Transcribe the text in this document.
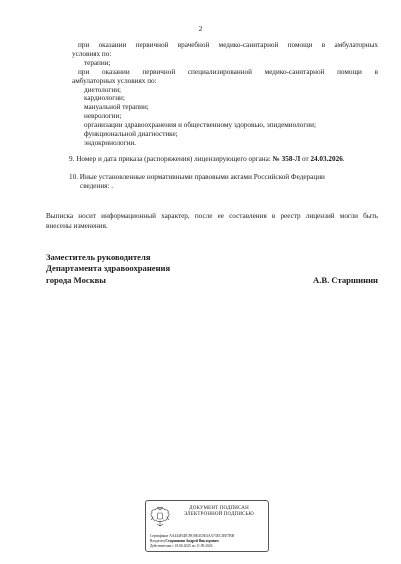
2
при оказании первичной врачебной медико-санитарной помощи в амбулаторных
условиях по:
терапии;
при оказании первичной специализированной медико-санитарной помощи в
амбулаторных условиях по:
диетологии;
кардиологии;
мануальной терапии;
неврологии;
организации здравоохранения и общественному здоровью, эпидемиологии;
функциональной диагностике;
эндокринологии.
9. Номер и дата приказа (распоряжения) лицензирующего органа: № 358-Л от 24.03.2026.
10. Иные установленные нормативными правовыми актами Российской Федерации
сведения: .
Выписка носит информационный характер, после ее составления в реестр лицензий могли быть
внесены изменения.
Заместитель руководителя
Департамента здравоохранения
города Москвы	А.В. Старшинин
ДОКУМЕНТ ПОДПИСАН
ЭЛЕКТРОННОЙ ПОДПИСЬЮ
Сертификат АА444F4DC8918E4C0E4AA73ЕС3ЕЕ7ВВ
Владелец Старшинин Андрей Викторович
Действителен с 18.06.2025 по 11.09.2026
